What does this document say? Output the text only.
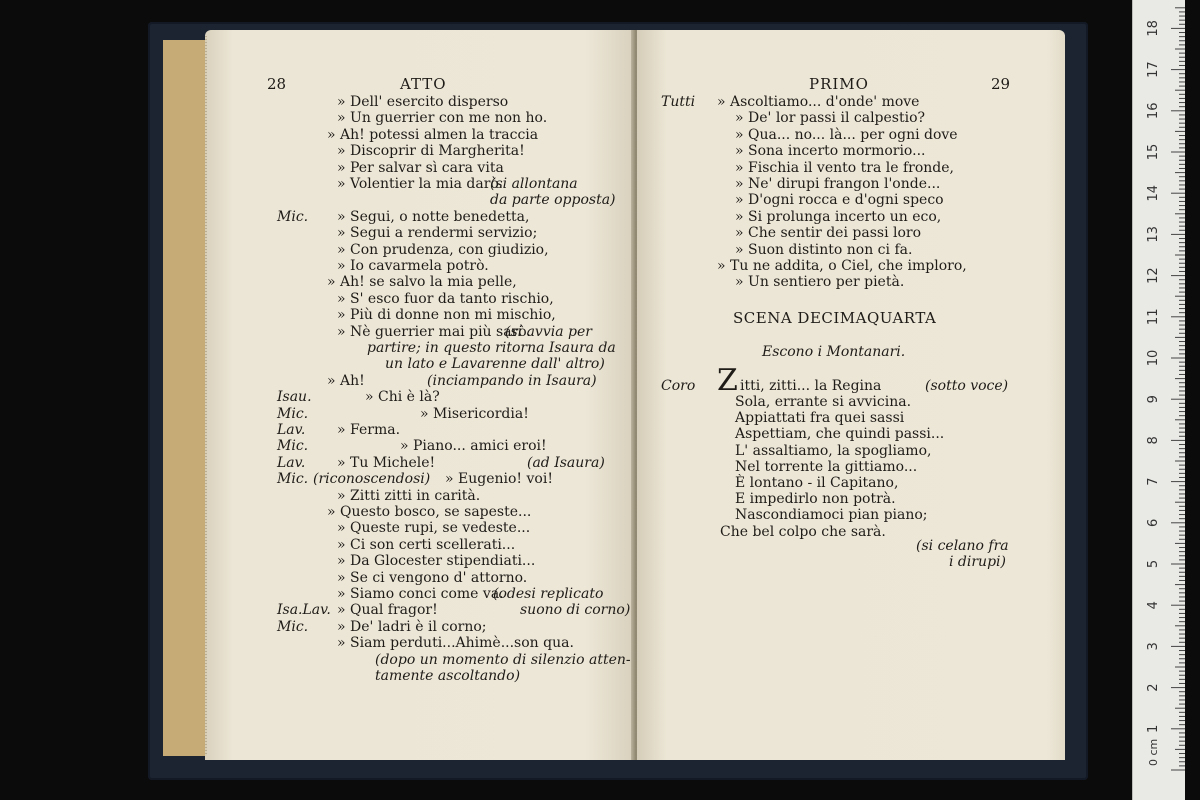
28	ATTO
» Dell' esercito disperso
» Un guerrier con me non ho.
» Ah! potessi almen la traccia
» Discoprir di Margherita!
» Per salvar sì cara vita
» Volentier la mia darò.
(si allontana
da parte opposta)
Mic. » Segui, o notte benedetta,
» Segui a rendermi servizio;
» Con prudenza, con giudizio,
» Io cavarmela potrò.
» Ah! se salvo la mia pelle,
» S' esco fuor da tanto rischio,
» Più di donne non mi mischio,
» Nè guerrier mai più sarò.
(si avvia per
partire; in questo ritorna Isaura da
un lato e Lavarenne dall' altro)
» Ah!	(inciampando in Isaura)
Isau.	» Chi è là?
Mic.	» Misericordia!
Lav. » Ferma.
Mic.	» Piano... amici eroi!
Lav. » Tu Michele!	(ad Isaura)
Mic. (riconoscendosi) » Eugenio! voi!
» Zitti zitti in carità.
» Questo bosco, se sapeste...
» Queste rupi, se vedeste...
» Ci son certi scellerati...
» Da Glocester stipendiati...
» Se ci vengono d' attorno.
» Siamo conci come va.
(odesi replicato
Isa.Lav. » Qual fragor!	suono di corno)
Mic. » De' ladri è il corno;
» Siam perduti...Ahimè...son qua.
(dopo un momento di silenzio atten-
tamente ascoltando)
PRIMO	29
Tutti » Ascoltiamo... d'onde' move
» De' lor passi il calpestio?
» Qua... no... là... per ogni dove
» Sona incerto mormorio...
» Fischia il vento tra le fronde,
» Ne' dirupi frangon l'onde...
» D'ogni rocca e d'ogni speco
» Si prolunga incerto un eco,
» Che sentir dei passi loro
» Suon distinto non ci fa.
» Tu ne addita, o Ciel, che imploro,
» Un sentiero per pietà.
SCENA DECIMAQUARTA
Escono i Montanari.
Coro Z itti, zitti... la Regina	(sotto voce)
Sola, errante si avvicina.
Appiattati fra quei sassi
Aspettiam, che quindi passi...
L' assaltiamo, la spogliamo,
Nel torrente la gittiamo...
È lontano - il Capitano,
E impedirlo non potrà.
Nascondiamoci pian piano;
Che bel colpo che sarà.
(si celano fra
i dirupi)
1
2
3
4
5
6
7
8
9
10
11
12
13
14
15
16
17
18
0 cm
